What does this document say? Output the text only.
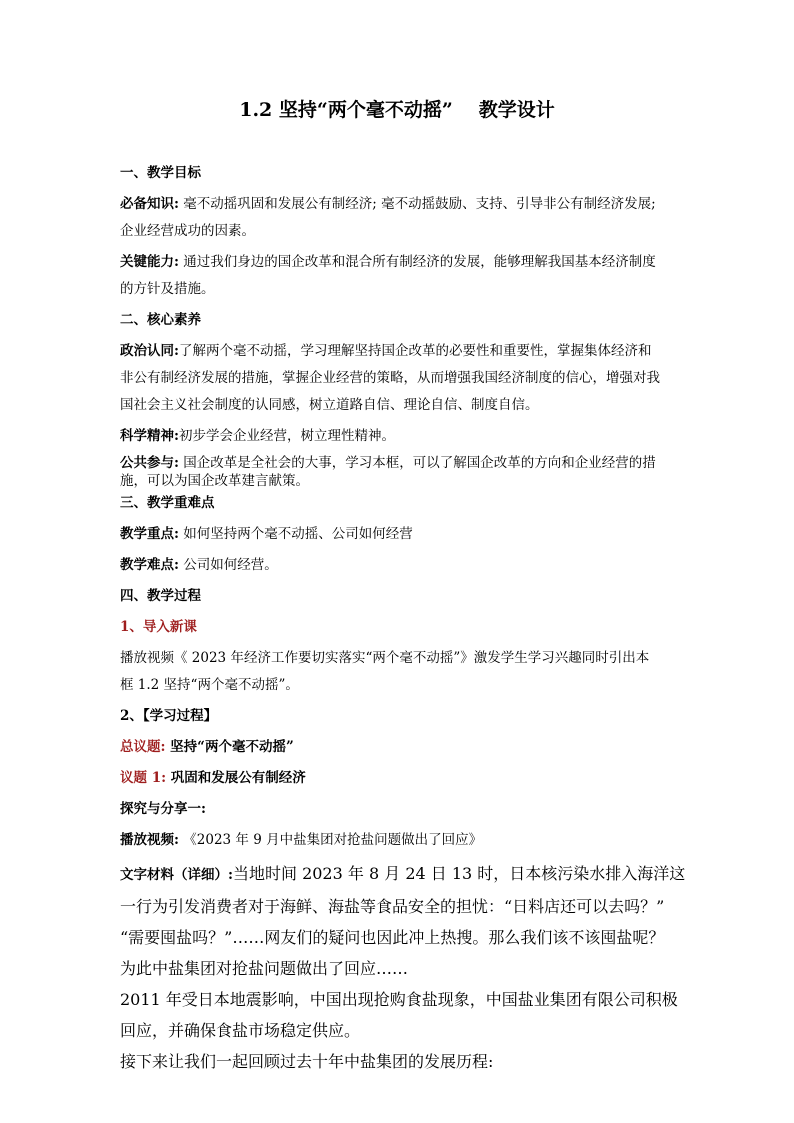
1.2 坚持“两个毫不动摇” 教学设计
一、教学目标
必备知识: 毫不动摇巩固和发展公有制经济; 毫不动摇鼓励、支持、引导非公有制经济发展;
企业经营成功的因素。
关键能力: 通过我们身边的国企改革和混合所有制经济的发展，能够理解我国基本经济制度
的方针及措施。
二、核心素养
政治认同:了解两个毫不动摇，学习理解坚持国企改革的必要性和重要性，掌握集体经济和
非公有制经济发展的措施，掌握企业经营的策略，从而增强我国经济制度的信心，增强对我
国社会主义社会制度的认同感，树立道路自信、理论自信、制度自信。
科学精神:初步学会企业经营，树立理性精神。
公共参与: 国企改革是全社会的大事，学习本框，可以了解国企改革的方向和企业经营的措
施，可以为国企改革建言献策。
三、教学重难点
教学重点: 如何坚持两个毫不动摇、公司如何经营
教学难点: 公司如何经营。
四、教学过程
1、导入新课
播放视频《 2023 年经济工作要切实落实“两个毫不动摇”》激发学生学习兴趣同时引出本
框 1.2 坚持“两个毫不动摇”。
2、【学习过程】
总议题: 坚持“两个毫不动摇”
议题 1: 巩固和发展公有制经济
探究与分享一:
播放视频: 《2023 年 9 月中盐集团对抢盐问题做出了回应》
文字材料（详细）:当地时间 2023 年 8 月 24 日 13 时，日本核污染水排入海洋这
一行为引发消费者对于海鲜、海盐等食品安全的担忧：“日料店还可以去吗？”
“需要囤盐吗？”……网友们的疑问也因此冲上热搜。那么我们该不该囤盐呢？
为此中盐集团对抢盐问题做出了回应……
2011 年受日本地震影响，中国出现抢购食盐现象，中国盐业集团有限公司积极
回应，并确保食盐市场稳定供应。
接下来让我们一起回顾过去十年中盐集团的发展历程:
